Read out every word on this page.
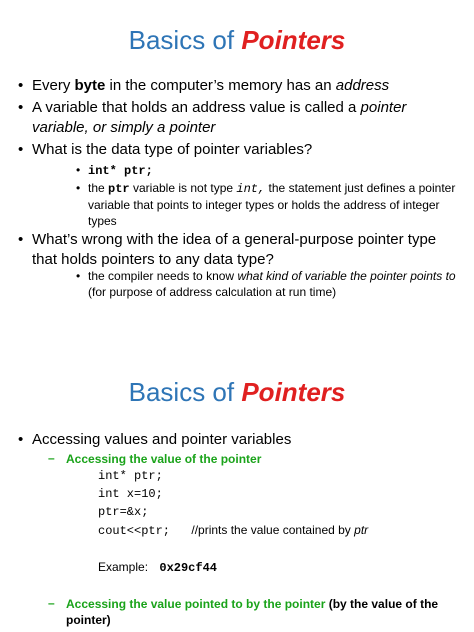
Basics of Pointers
• Every byte in the computer’s memory has an address
• A variable that holds an address value is called a pointer variable, or simply a pointer
• What is the data type of pointer variables?
• int* ptr;
• the ptr variable is not type int, the statement just defines a pointer variable that points to integer types or holds the address of integer types
• What’s wrong with the idea of a general-purpose pointer type that holds pointers to any data type?
• the compiler needs to know what kind of variable the pointer points to (for purpose of address calculation at run time)
Basics of Pointers
• Accessing values and pointer variables
– Accessing the value of the pointer
int* ptr;
int x=10;
ptr=&x;
cout<<ptr; //prints the value contained by ptr
Example: 0x29cf44
– Accessing the value pointed to by the pointer (by the value of the pointer)
